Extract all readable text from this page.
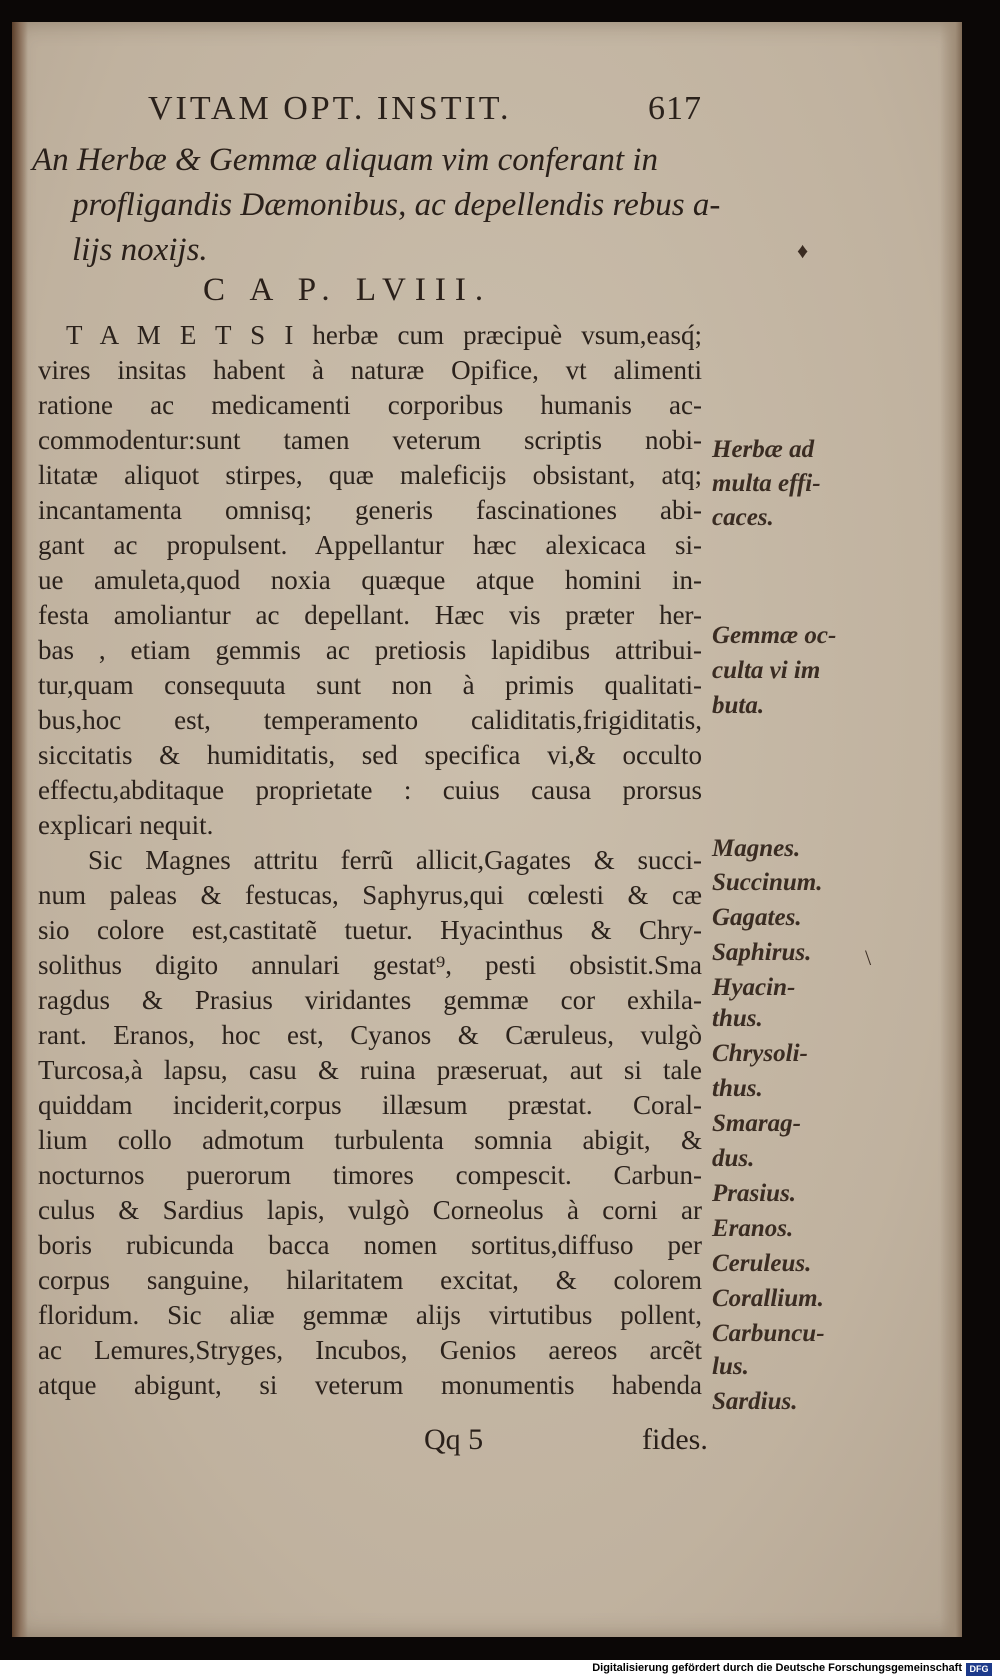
VITAM OPT. INSTIT.	617
An Herbæ & Gemmæ aliquam vim conferant in
profligandis Dæmonibus, ac depellendis rebus a-
lijs noxijs.	♦
C A P. LVIII.
T A M E T S I herbæ cum præcipuè vsum,easq́;
vires insitas habent à naturæ Opifice, vt alimenti
ratione ac medicamenti corporibus humanis ac-
commodentur:sunt tamen veterum scriptis nobi-
litatæ aliquot stirpes, quæ maleficijs obsistant, atq;
incantamenta omnisq; generis fascinationes abi-
gant ac propulsent. Appellantur hæc alexicaca si-
ue amuleta,quod noxia quæque atque homini in-
festa amoliantur ac depellant. Hæc vis præter her-
bas , etiam gemmis ac pretiosis lapidibus attribui-
tur,quam consequuta sunt non à primis qualitati-
bus,hoc est, temperamento caliditatis,frigiditatis,
siccitatis & humiditatis, sed specifica vi,& occulto
effectu,abditaque proprietate : cuius causa prorsus
explicari nequit.
Sic Magnes attritu ferrũ allicit,Gagates & succi-
num paleas & festucas, Saphyrus,qui cœlesti & cæ
sio colore est,castitatẽ tuetur. Hyacinthus & Chry-
solithus digito annulari gestat⁹, pesti obsistit.Sma
ragdus & Prasius viridantes gemmæ cor exhila-
rant. Eranos, hoc est, Cyanos & Cæruleus, vulgò
Turcosa,à lapsu, casu & ruina præseruat, aut si tale
quiddam inciderit,corpus illæsum præstat. Coral-
lium collo admotum turbulenta somnia abigit, &
nocturnos puerorum timores compescit. Carbun-
culus & Sardius lapis, vulgò Corneolus à corni ar
boris rubicunda bacca nomen sortitus,diffuso per
corpus sanguine, hilaritatem excitat, & colorem
floridum. Sic aliæ gemmæ alijs virtutibus pollent,
ac Lemures,Stryges, Incubos, Genios aereos arcẽt
atque abigunt, si veterum monumentis habenda
Herbæ ad
multa effi-
caces.
Gemmæ oc-
culta vi im
buta.
Magnes.
Succinum.
Gagates.
Saphirus.
Hyacin-
thus.
Chrysoli-
thus.
Smarag-
dus.
Prasius.
Eranos.
Ceruleus.
Corallium.
Carbuncu-
lus.
Sardius.
\
Qq 5	fides.
Digitalisierung gefördert durch die Deutsche Forschungsgemeinschaft DFG
